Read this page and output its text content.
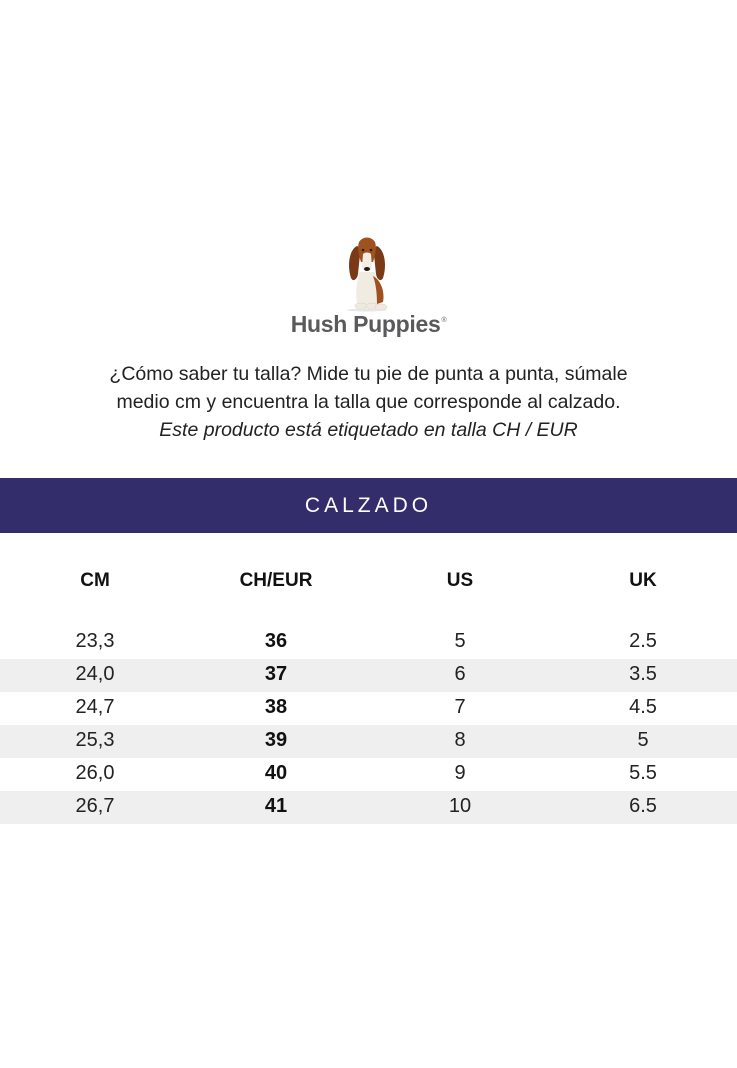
Hush Puppies®

¿Cómo saber tu talla? Mide tu pie de punta a punta, súmale

medio cm y encuentra la talla que corresponde al calzado.

Este producto está etiquetado en talla CH / EUR

CALZADO
CM	CH/EUR	US	UK
23,3	36	5	2.5
24,0	37	6	3.5
24,7	38	7	4.5
25,3	39	8	5
26,0	40	9	5.5
26,7	41	10	6.5
